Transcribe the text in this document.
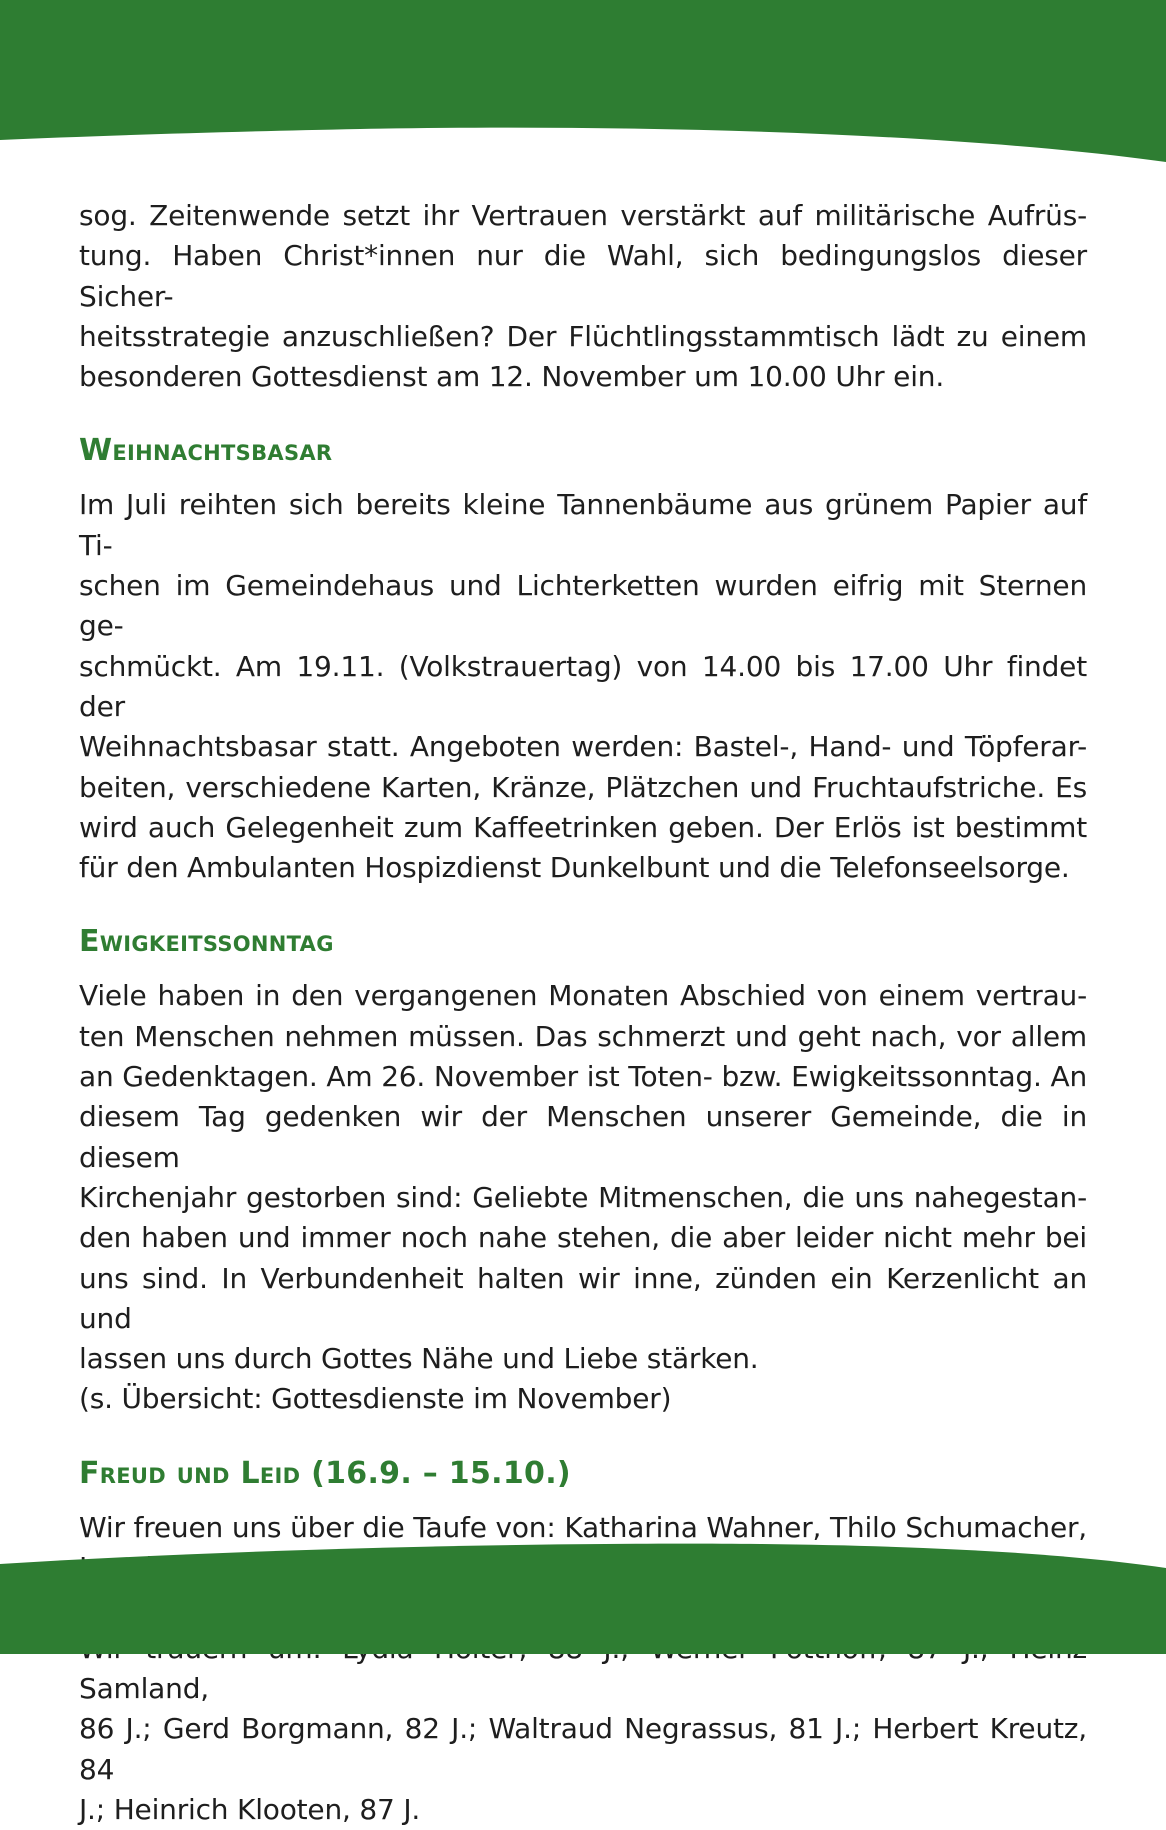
sog. Zeitenwende setzt ihr Vertrauen verstärkt auf militärische Aufrüs-
tung. Haben Christ*innen nur die Wahl, sich bedingungslos dieser Sicher-
heitsstrategie anzuschließen? Der Flüchtlingsstammtisch lädt zu einem
besonderen Gottesdienst am 12. November um 10.00 Uhr ein.

Weihnachtsbasar

Im Juli reihten sich bereits kleine Tannenbäume aus grünem Papier auf Ti-
schen im Gemeindehaus und Lichterketten wurden eifrig mit Sternen ge-
schmückt. Am 19.11. (Volkstrauertag) von 14.00 bis 17.00 Uhr findet der
Weihnachtsbasar statt. Angeboten werden: Bastel-, Hand- und Töpferar-
beiten, verschiedene Karten, Kränze, Plätzchen und Fruchtaufstriche. Es
wird auch Gelegenheit zum Kaffeetrinken geben. Der Erlös ist bestimmt
für den Ambulanten Hospizdienst Dunkelbunt und die Telefonseelsorge.

Ewigkeitssonntag

Viele haben in den vergangenen Monaten Abschied von einem vertrau-
ten Menschen nehmen müssen. Das schmerzt und geht nach, vor allem
an Gedenktagen. Am 26. November ist Toten- bzw. Ewigkeitssonntag. An
diesem Tag gedenken wir der Menschen unserer Gemeinde, die in diesem
Kirchenjahr gestorben sind: Geliebte Mitmenschen, die uns nahegestan-
den haben und immer noch nahe stehen, die aber leider nicht mehr bei
uns sind. In Verbundenheit halten wir inne, zünden ein Kerzenlicht an und
lassen uns durch Gottes Nähe und Liebe stärken.
(s. Übersicht: Gottesdienste im November)

Freud und Leid (16.9. – 15.10.)

Wir freuen uns über die Taufe von: Katharina Wahner, Thilo Schumacher,
Samland,
86 J.; Gerd Borgmann, 82 J.; Waltraud Negrassus, 81 J.; Herbert Kreutz, 84
J.; Heinrich Klooten, 87 J.
